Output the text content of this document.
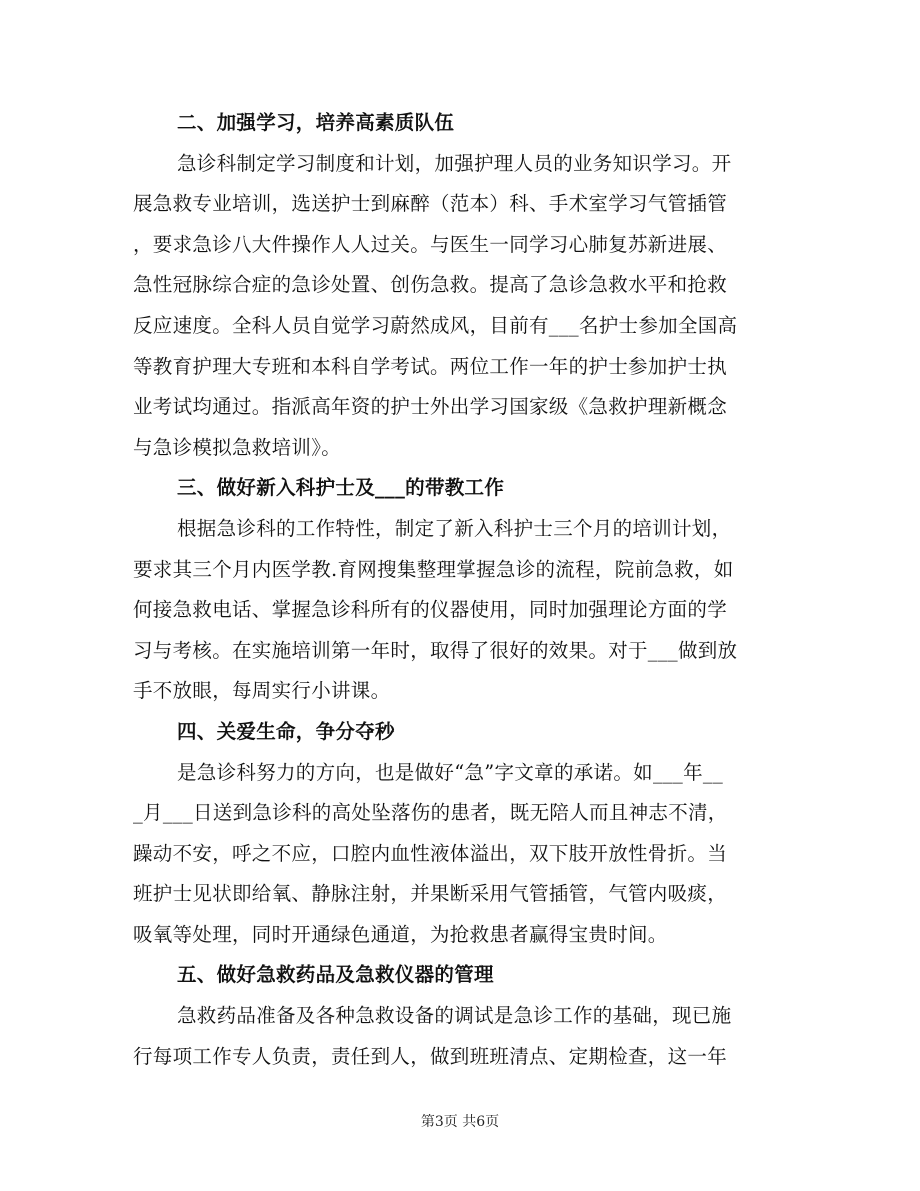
二、加强学习，培养高素质队伍
急诊科制定学习制度和计划，加强护理人员的业务知识学习。开
展急救专业培训，选送护士到麻醉（范本）科、手术室学习气管插管
，要求急诊八大件操作人人过关。与医生一同学习心肺复苏新进展、
急性冠脉综合症的急诊处置、创伤急救。提高了急诊急救水平和抢救
反应速度。全科人员自觉学习蔚然成风，目前有___名护士参加全国高
等教育护理大专班和本科自学考试。两位工作一年的护士参加护士执
业考试均通过。指派高年资的护士外出学习国家级《急救护理新概念
与急诊模拟急救培训》。
三、做好新入科护士及___的带教工作
根据急诊科的工作特性，制定了新入科护士三个月的培训计划，
要求其三个月内医学教.育网搜集整理掌握急诊的流程，院前急救，如
何接急救电话、掌握急诊科所有的仪器使用，同时加强理论方面的学
习与考核。在实施培训第一年时，取得了很好的效果。对于___做到放
手不放眼，每周实行小讲课。
四、关爱生命，争分夺秒
是急诊科努力的方向，也是做好“急”字文章的承诺。如___年__
_月___日送到急诊科的高处坠落伤的患者，既无陪人而且神志不清，
躁动不安，呼之不应，口腔内血性液体溢出，双下肢开放性骨折。当
班护士见状即给氧、静脉注射，并果断采用气管插管，气管内吸痰，
吸氧等处理，同时开通绿色通道，为抢救患者赢得宝贵时间。
五、做好急救药品及急救仪器的管理
急救药品准备及各种急救设备的调试是急诊工作的基础，现已施
行每项工作专人负责，责任到人，做到班班清点、定期检查，这一年
第3页 共6页
